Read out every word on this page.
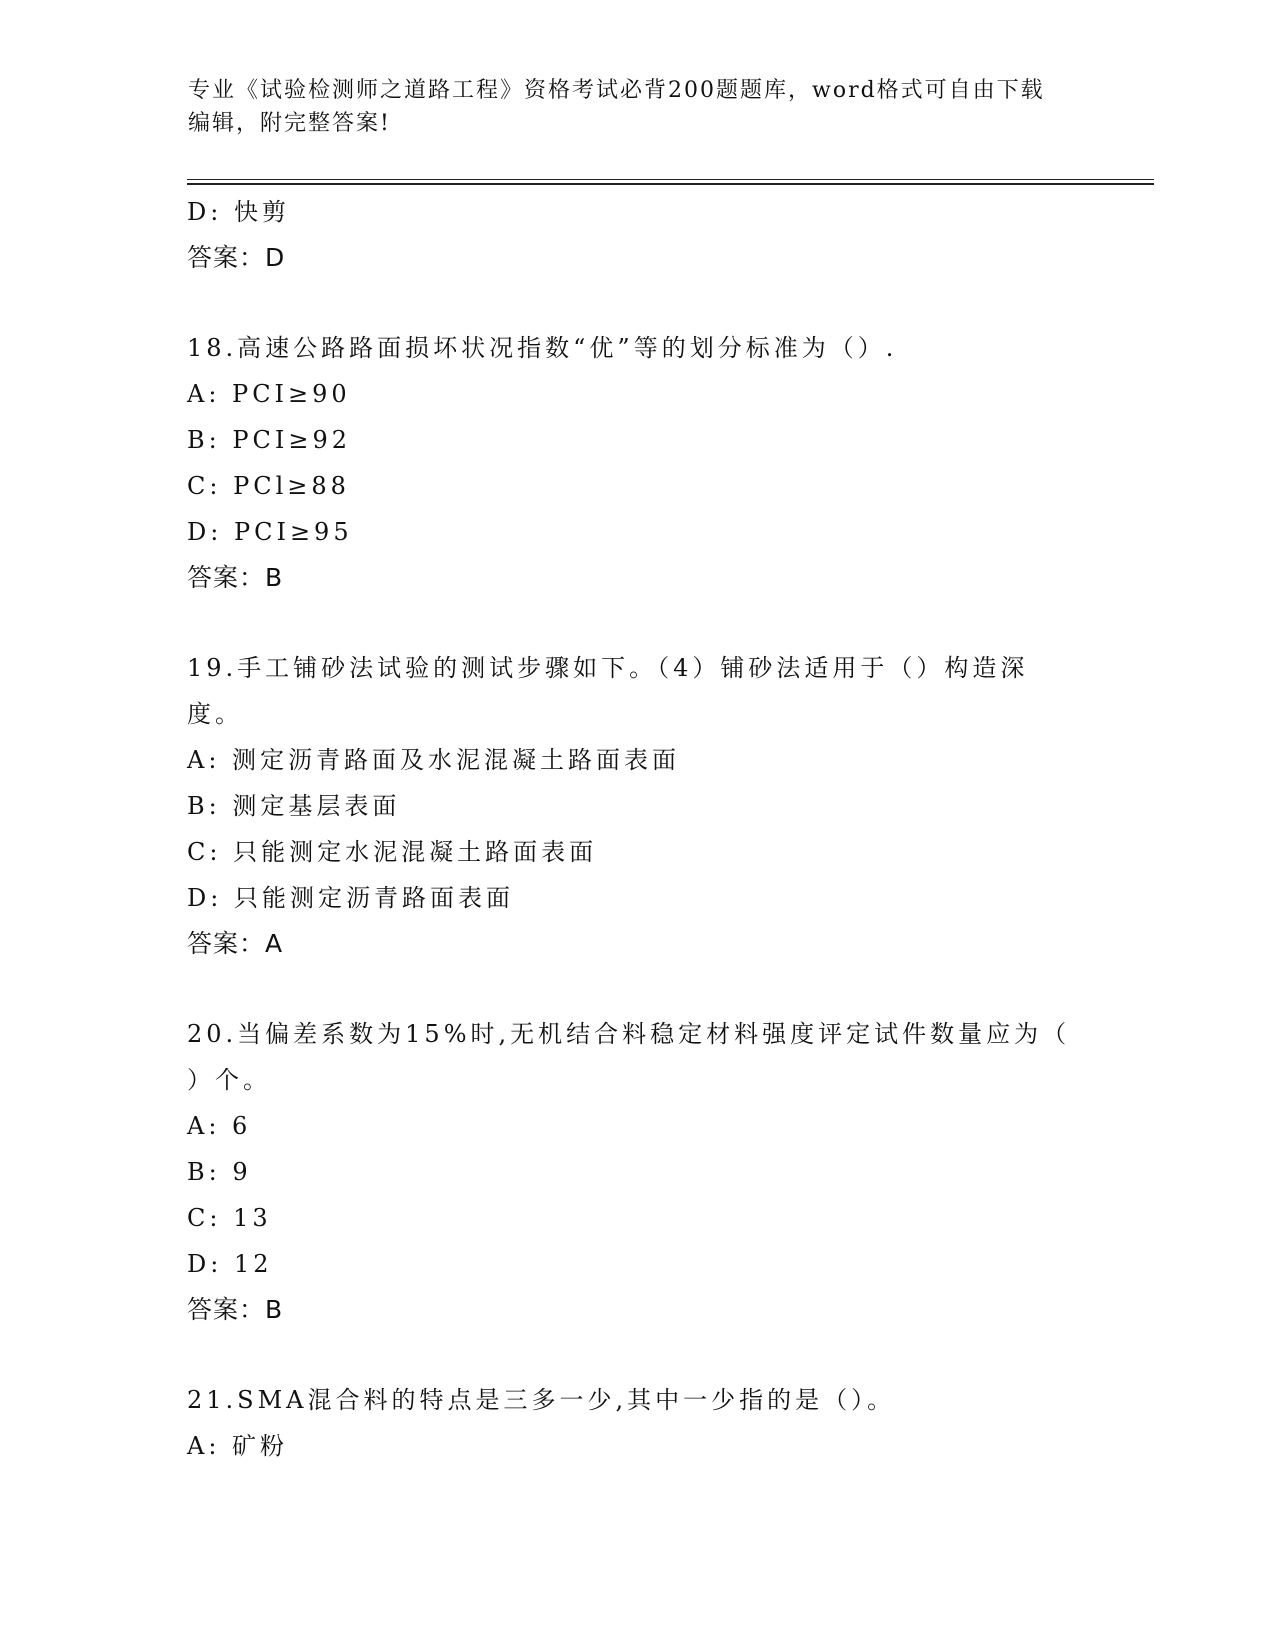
专业《试验检测师之道路工程》资格考试必背200题题库，word格式可自由下载
编辑，附完整答案!
D: 快剪
答案：D
18.高速公路路面损坏状况指数“优”等的划分标准为（）.
A: PCI≥90
B: PCI≥92
C: PCl≥88
D: PCI≥95
答案：B
19.手工铺砂法试验的测试步骤如下。（4）铺砂法适用于（）构造深
度。
A: 测定沥青路面及水泥混凝土路面表面
B: 测定基层表面
C: 只能测定水泥混凝土路面表面
D: 只能测定沥青路面表面
答案：A
20.当偏差系数为15%时,无机结合料稳定材料强度评定试件数量应为（
）个。
A: 6
B: 9
C: 13
D: 12
答案：B
21.SMA混合料的特点是三多一少,其中一少指的是（）。
A: 矿粉
